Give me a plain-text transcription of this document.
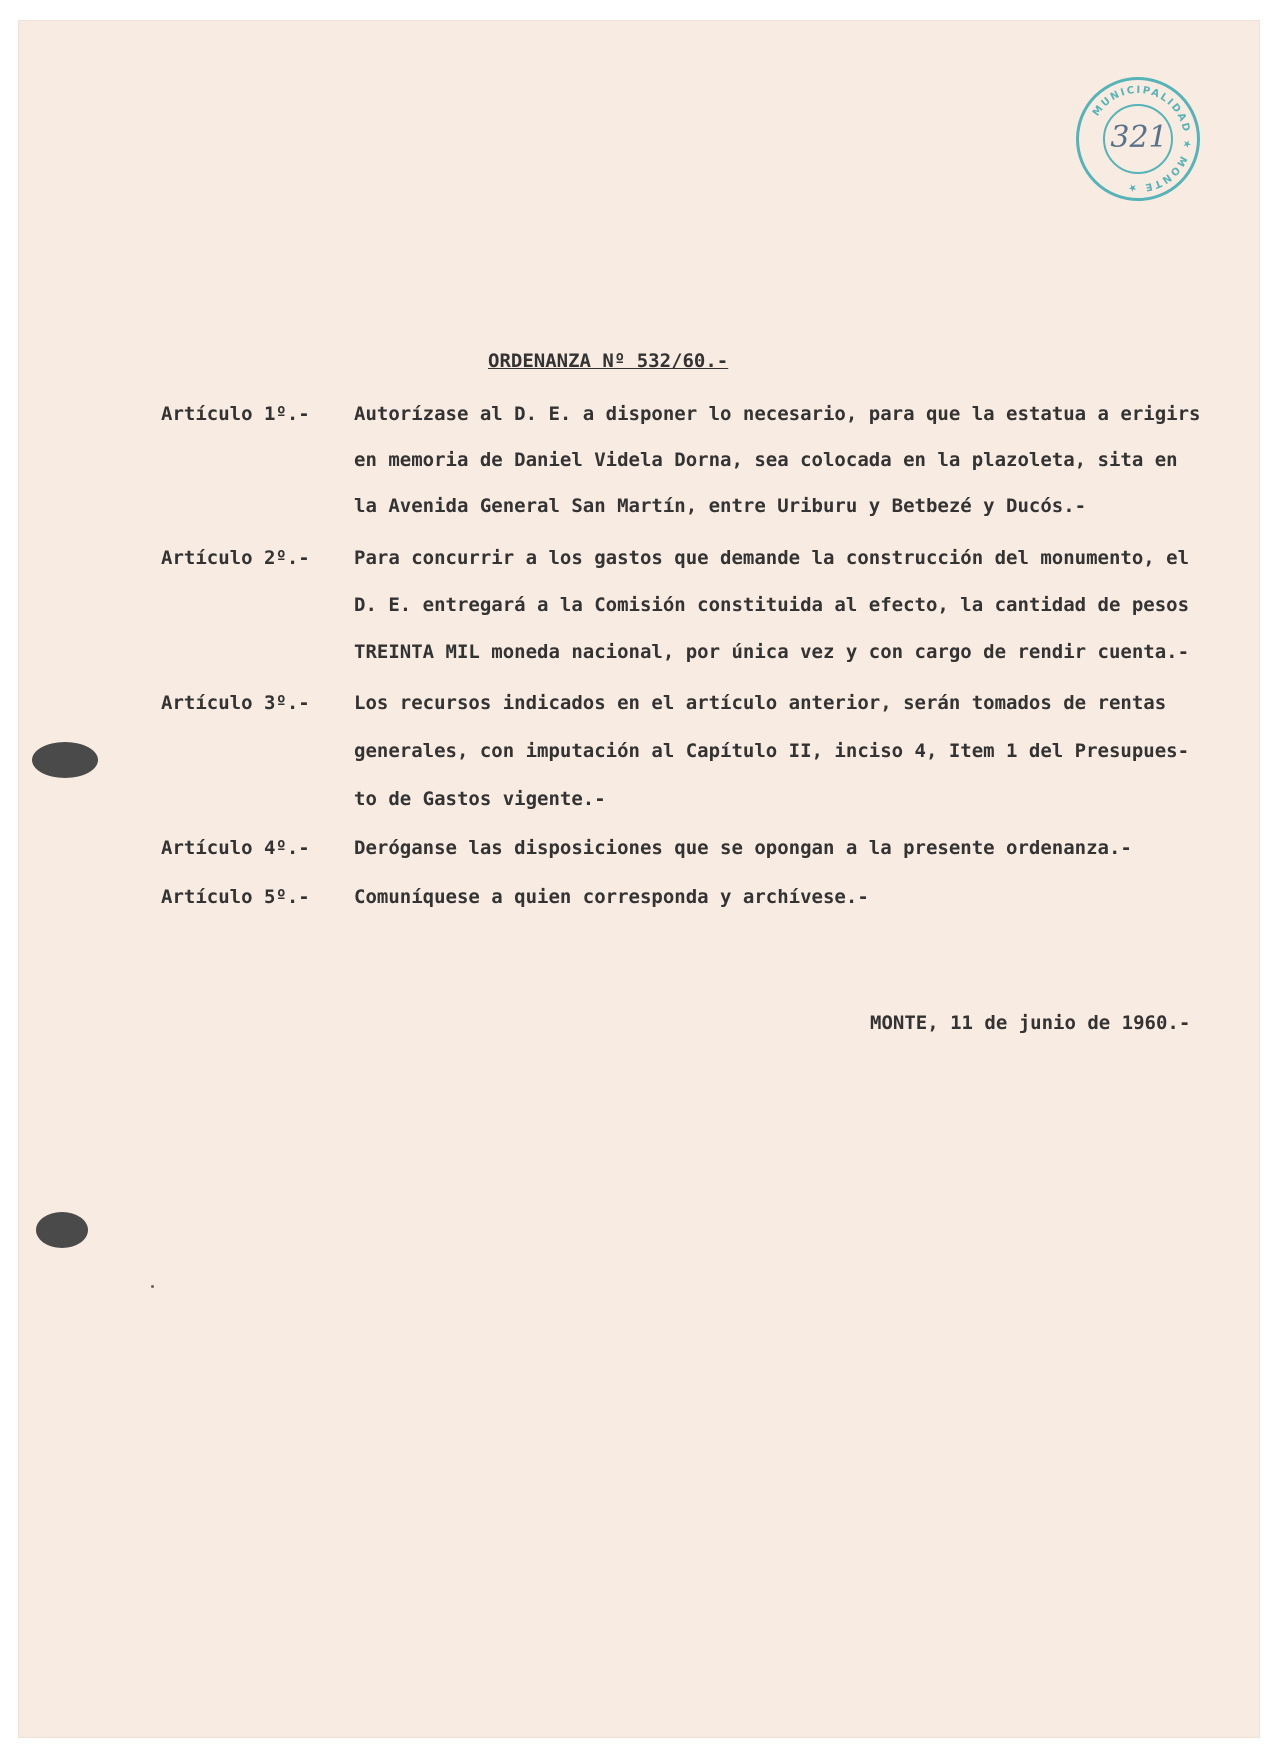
MUNICIPALIDAD ★ MONTE ★
321
ORDENANZA Nº 532/60.-
Artículo 1º.- Autorízase al D. E. a disponer lo necesario, para que la estatua a erigirs
en memoria de Daniel Videla Dorna, sea colocada en la plazoleta, sita en
la Avenida General San Martín, entre Uriburu y Betbezé y Ducós.-
Artículo 2º.- Para concurrir a los gastos que demande la construcción del monumento, el
D. E. entregará a la Comisión constituida al efecto, la cantidad de pesos
TREINTA MIL moneda nacional, por única vez y con cargo de rendir cuenta.-
Artículo 3º.- Los recursos indicados en el artículo anterior, serán tomados de rentas
generales, con imputación al Capítulo II, inciso 4, Item 1 del Presupues-
to de Gastos vigente.-
Artículo 4º.- Deróganse las disposiciones que se opongan a la presente ordenanza.-
Artículo 5º.- Comuníquese a quien corresponda y archívese.-
MONTE, 11 de junio de 1960.-
